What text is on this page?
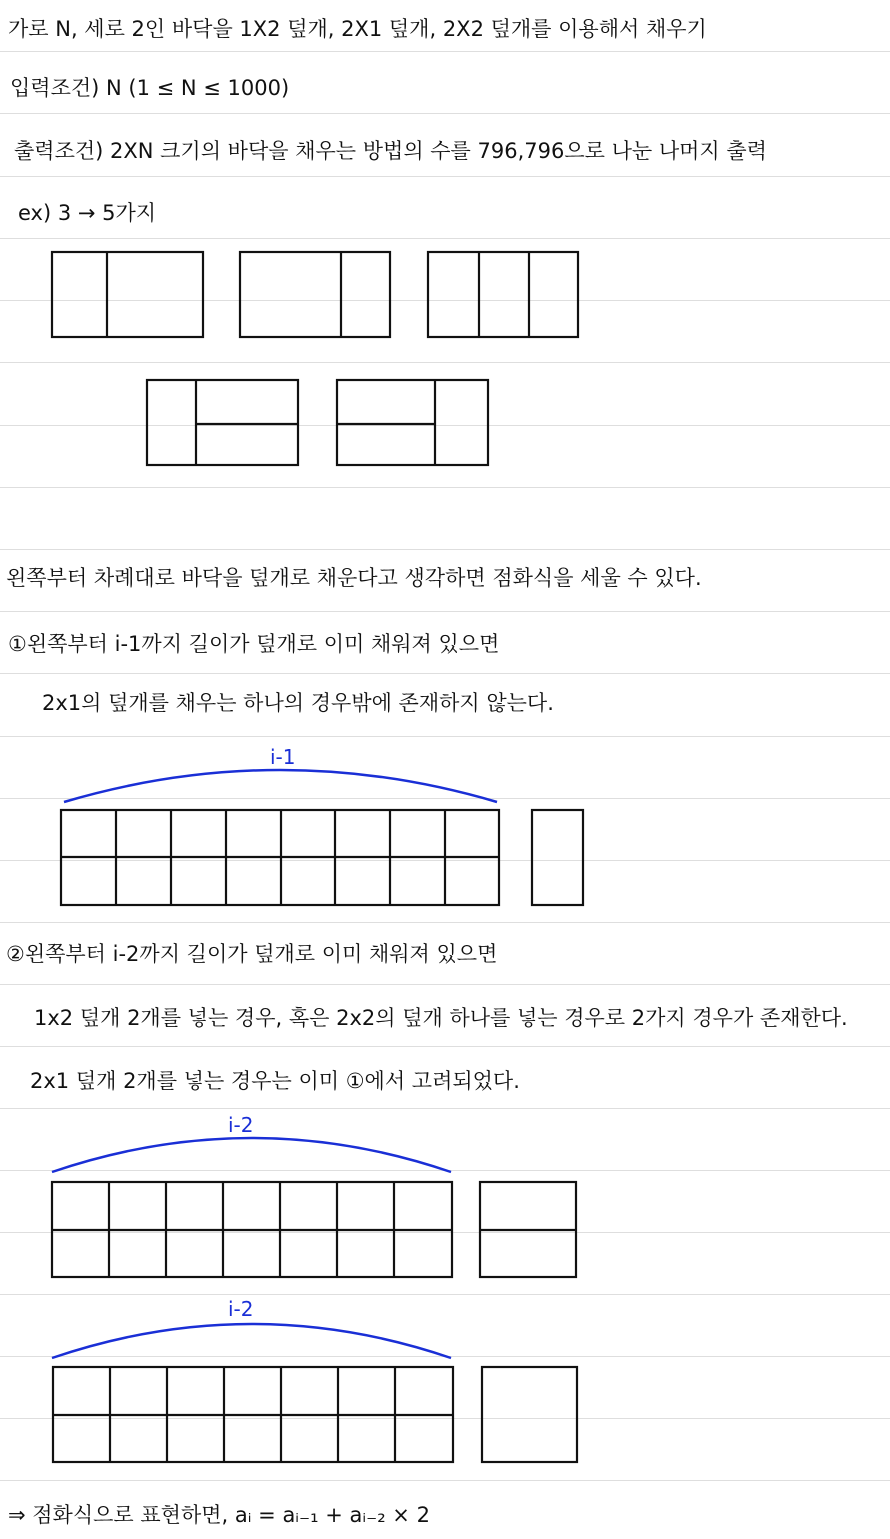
가로 N, 세로 2인 바닥을 1X2 덮개, 2X1 덮개, 2X2 덮개를 이용해서 채우기
입력조건) N (1 ≤ N ≤ 1000)
출력조건) 2XN 크기의 바닥을 채우는 방법의 수를 796,796으로 나눈 나머지 출력
ex) 3 → 5가지
왼쪽부터 차례대로 바닥을 덮개로 채운다고 생각하면 점화식을 세울 수 있다.
①왼쪽부터 i-1까지 길이가 덮개로 이미 채워져 있으면
2x1의 덮개를 채우는 하나의 경우밖에 존재하지 않는다.
②왼쪽부터 i-2까지 길이가 덮개로 이미 채워져 있으면
1x2 덮개 2개를 넣는 경우, 혹은 2x2의 덮개 하나를 넣는 경우로 2가지 경우가 존재한다.
2x1 덮개 2개를 넣는 경우는 이미 ①에서 고려되었다.
⇒ 점화식으로 표현하면, aᵢ = aᵢ₋₁ + aᵢ₋₂ × 2
i-1
i-2
i-2
